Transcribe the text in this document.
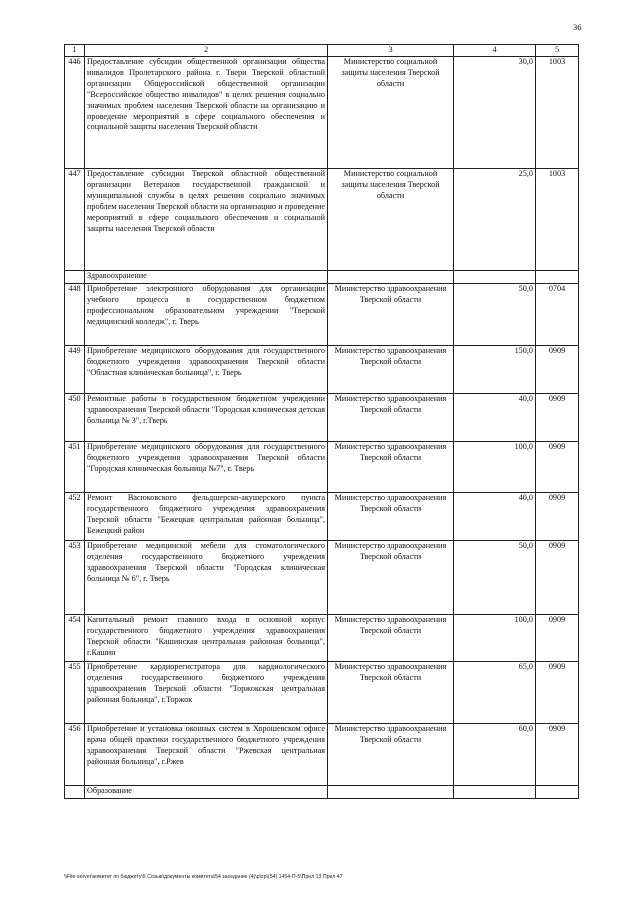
36
1	2	3	4	5
446	Предоставление субсидии общественной организации общества инвалидов Пролетарского района г. Твери Тверской областной организации Общероссийской общественной организации "Всероссийское общество инвалидов" в целях решения социально значимых проблем населения Тверской области на организацию и проведение мероприятий в сфере социального обеспечения и социальной защиты населения Тверской области	Министерство социальной защиты населения Тверской области	30,0	1003
447	Предоставление субсидии Тверской областной общественной организации Ветеранов государственной гражданской и муниципальной службы в целях решения социально значимых проблем населения Тверской области на организацию и проведение мероприятий в сфере социального обеспечения и социальной защиты населения Тверской области	Министерство социальной защиты населения Тверской области	25,0	1003
	Здравоохранение			
448	Приобретение электронного оборудования для организации учебного процесса в государственном бюджетном профессиональном образовательном учреждении "Тверской медицинский колледж", г. Тверь	Министерство здравоохранения Тверской области	50,0	0704
449	Приобретение медицинского оборудования для государственного бюджетного учреждения здравоохранения Тверской области "Областная клиническая больница", г. Тверь	Министерство здравоохранения Тверской области	150,0	0909
450	Ремонтные работы в государственном бюджетном учреждении здравоохранения Тверской области "Городская клиническая детская больница № 3", г.Тверь	Министерство здравоохранения Тверской области	40,0	0909
451	Приобретение медицинского оборудования для государственного бюджетного учреждения здравоохранения Тверской области "Городская клиническая больница №7", г. Тверь	Министерство здравоохранения Тверской области	100,0	0909
452	Ремонт Васюковского фельдшерско-акушерского пункта государственного бюджетного учреждения здравоохранения Тверской области "Бежецкая центральная районная больница", Бежецкий район	Министерство здравоохранения Тверской области	40,0	0909
453	Приобретение медицинской мебели для стоматологического отделения государственного бюджетного учреждения здравоохранения Тверской области "Городская клиническая больница № 6", г. Тверь	Министерство здравоохранения Тверской области	50,0	0909
454	Капитальный ремонт главного входа в основной корпус государственного бюджетного учреждения здравоохранения Тверской области "Кашинская центральная районная больница", г.Кашин	Министерство здравоохранения Тверской области	100,0	0909
455	Приобретение кардиорегистратора для кардиологического отделения государственного бюджетного учреждения здравоохранения Тверской области "Торжокская центральная районная больница", г.Торжок	Министерство здравоохранения Тверской области	65,0	0909
456	Приобретение и установка оконных систем в Хорошевском офисе врача общей практики государственного бюджетного учреждения здравоохранения Тверской области "Ржевская центральная районная больница", г.Ржев	Министерство здравоохранения Тверской области	60,0	0909
	Образование			
\\File-server\комитет по бюджету\5 Созыв\документы комитета\54 заседание (4)\р\zp\(54) 1454-П-5\Прил 13 Прил 47
